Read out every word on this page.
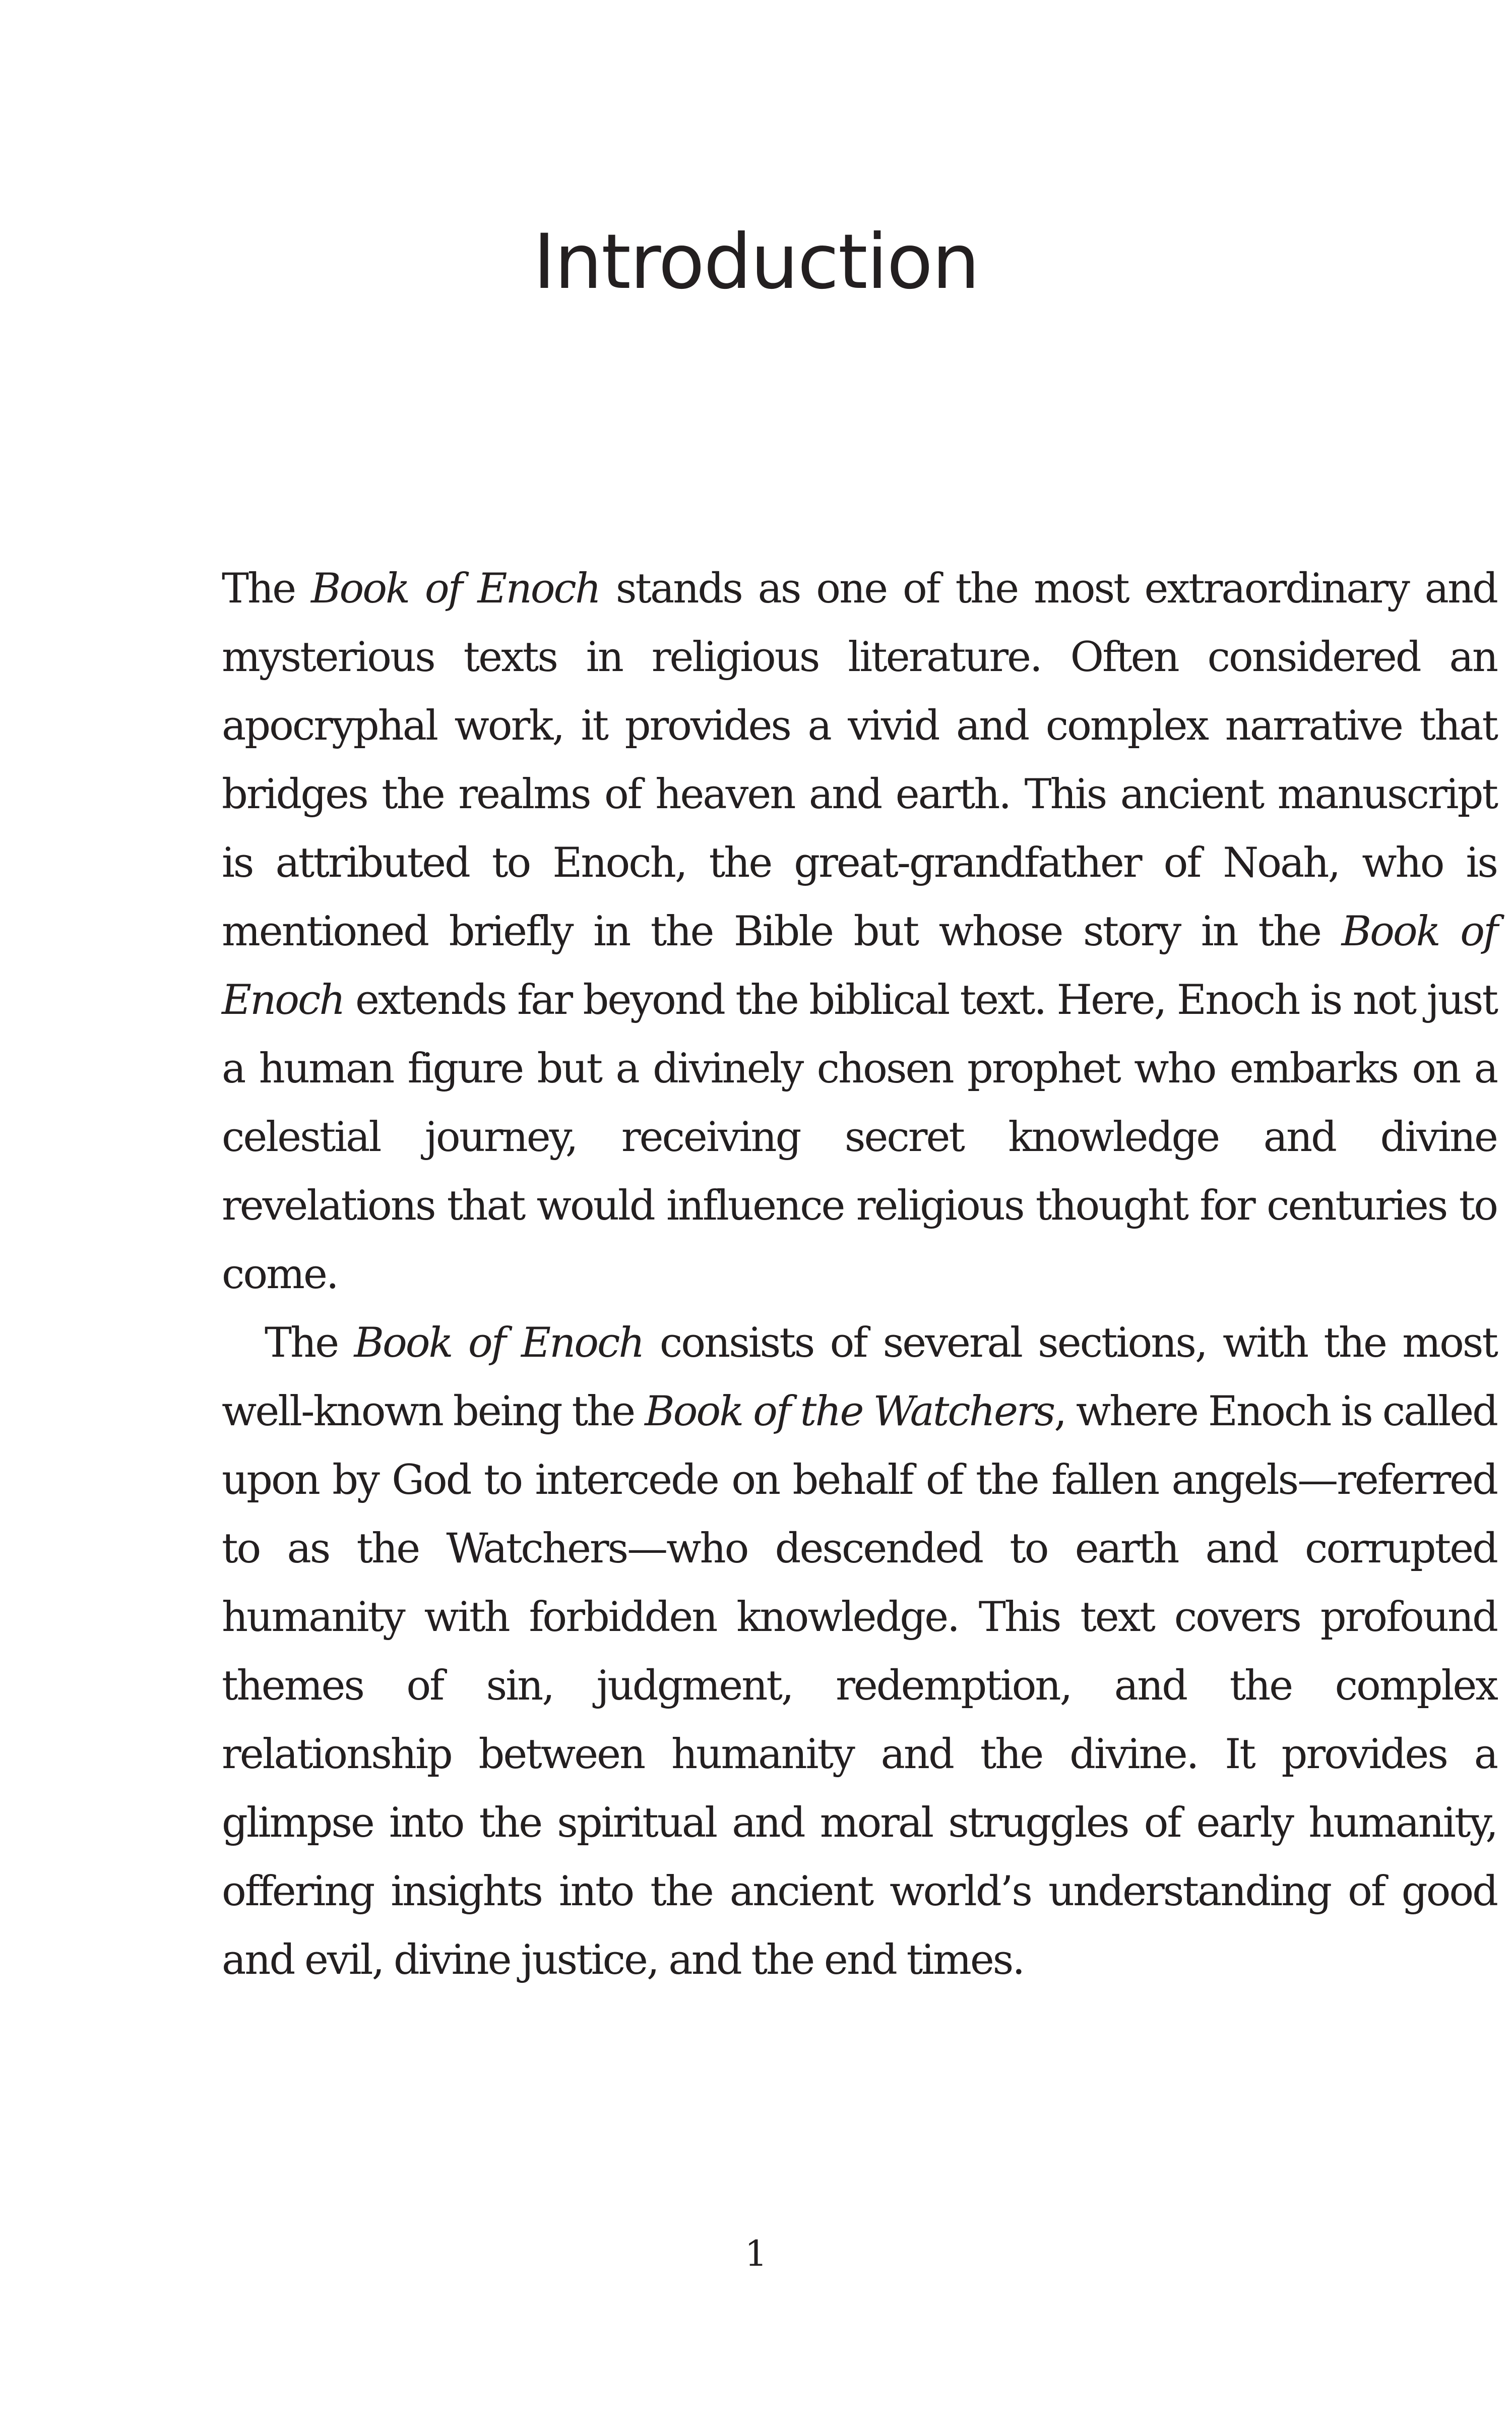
Introduction

The Book of Enoch stands as one of the most extraordinary and mysterious texts in religious literature. Often considered an apocryphal work, it provides a vivid and complex narrative that bridges the realms of heaven and earth. This ancient manuscript is attributed to Enoch, the great-grandfather of Noah, who is mentioned briefly in the Bible but whose story in the Book of Enoch extends far beyond the biblical text. Here, Enoch is not just a human figure but a divinely chosen prophet who embarks on a celestial journey, receiving secret knowledge and divine revelations that would influence religious thought for centuries to come.

The Book of Enoch consists of several sections, with the most well-known being the Book of the Watchers, where Enoch is called upon by God to intercede on behalf of the fallen angels—referred to as the Watchers—who descended to earth and corrupted humanity with forbidden knowledge. This text covers profound themes of sin, judgment, redemption, and the complex relationship between humanity and the divine. It provides a glimpse into the spiritual and moral struggles of early humanity, offering insights into the ancient world’s understanding of good and evil, divine justice, and the end times.

1
